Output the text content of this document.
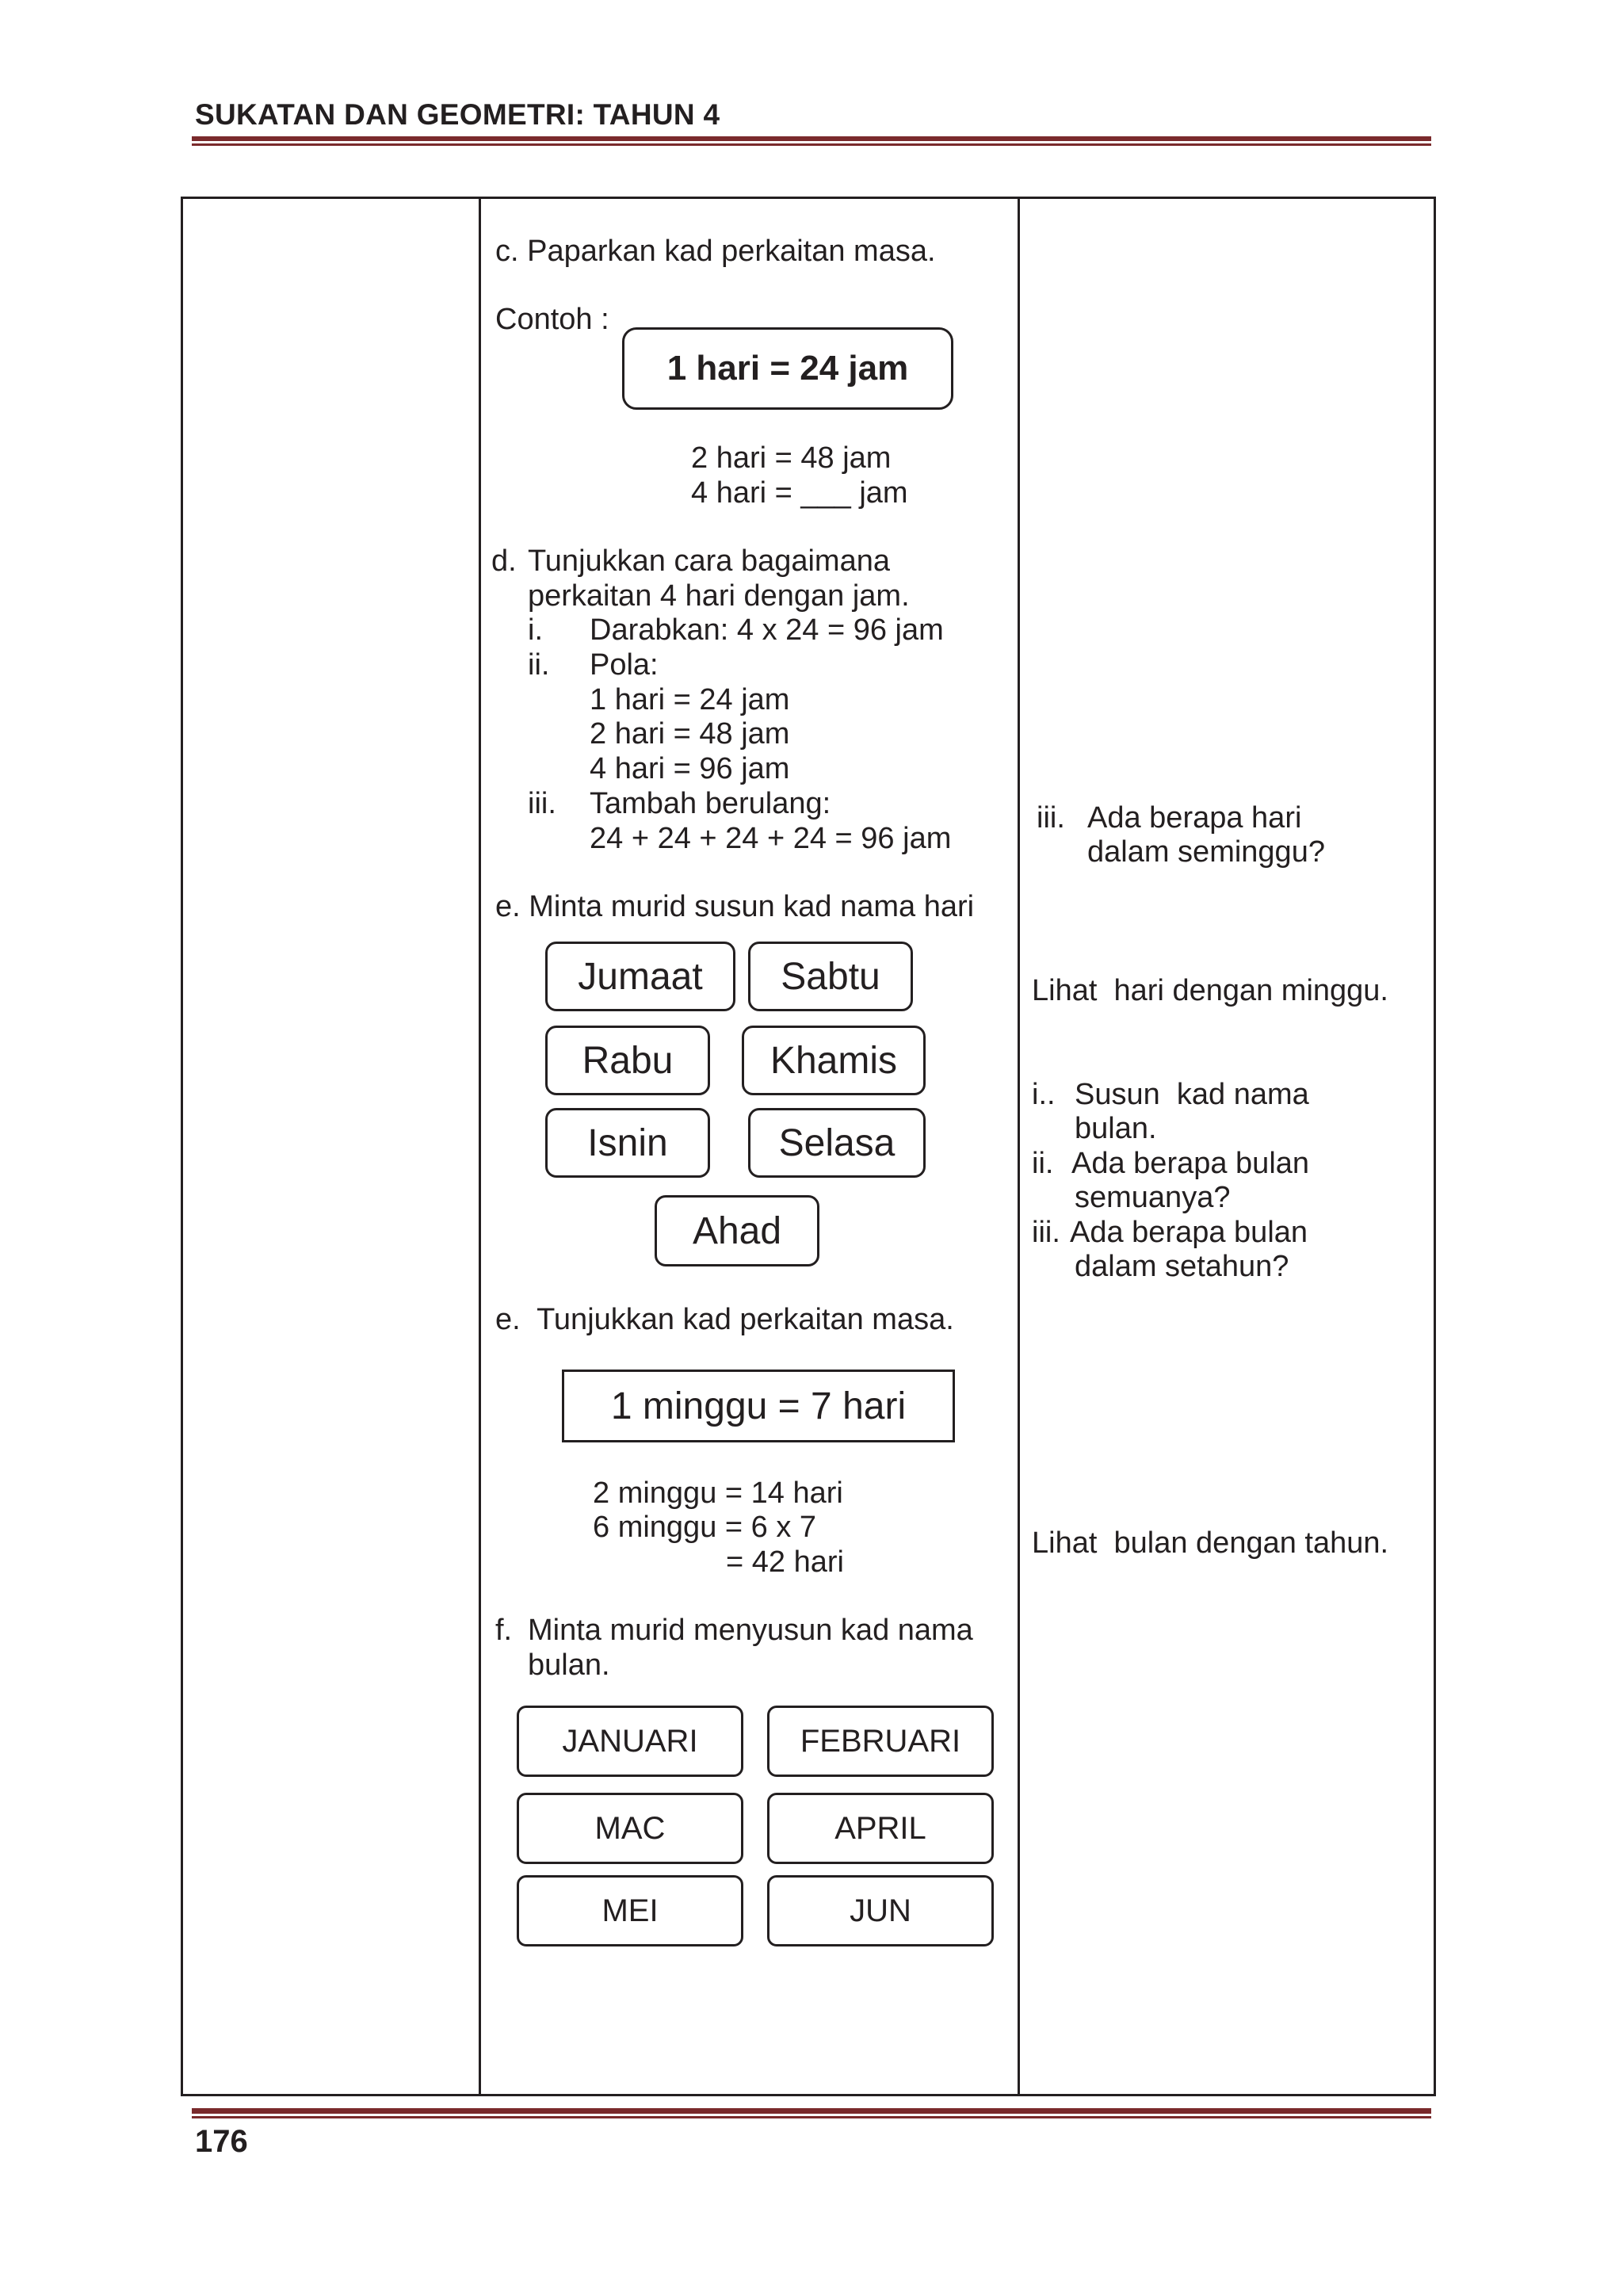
SUKATAN DAN GEOMETRI: TAHUN 4
c. Paparkan kad perkaitan masa.
Contoh :
1 hari = 24 jam
2 hari = 48 jam
4 hari = ___ jam
d. Tunjukkan cara bagaimana
perkaitan 4 hari dengan jam.
i. Darabkan: 4 x 24 = 96 jam
ii. Pola:
1 hari = 24 jam
2 hari = 48 jam
4 hari = 96 jam
iii. Tambah berulang:
24 + 24 + 24 + 24 = 96 jam
e. Minta murid susun kad nama hari
Jumaat	Sabtu
Rabu	Khamis
Isnin	Selasa
Ahad
e.  Tunjukkan kad perkaitan masa.
1 minggu = 7 hari
2 minggu = 14 hari
6 minggu = 6 x 7
= 42 hari
f. Minta murid menyusun kad nama
bulan.
JANUARI	FEBRUARI
MAC	APRIL
MEI	JUN
iii. Ada berapa hari
dalam seminggu?
Lihat  hari dengan minggu.
i.. Susun  kad nama
bulan.
ii. Ada berapa bulan
semuanya?
iii. Ada berapa bulan
dalam setahun?
Lihat  bulan dengan tahun.
176
